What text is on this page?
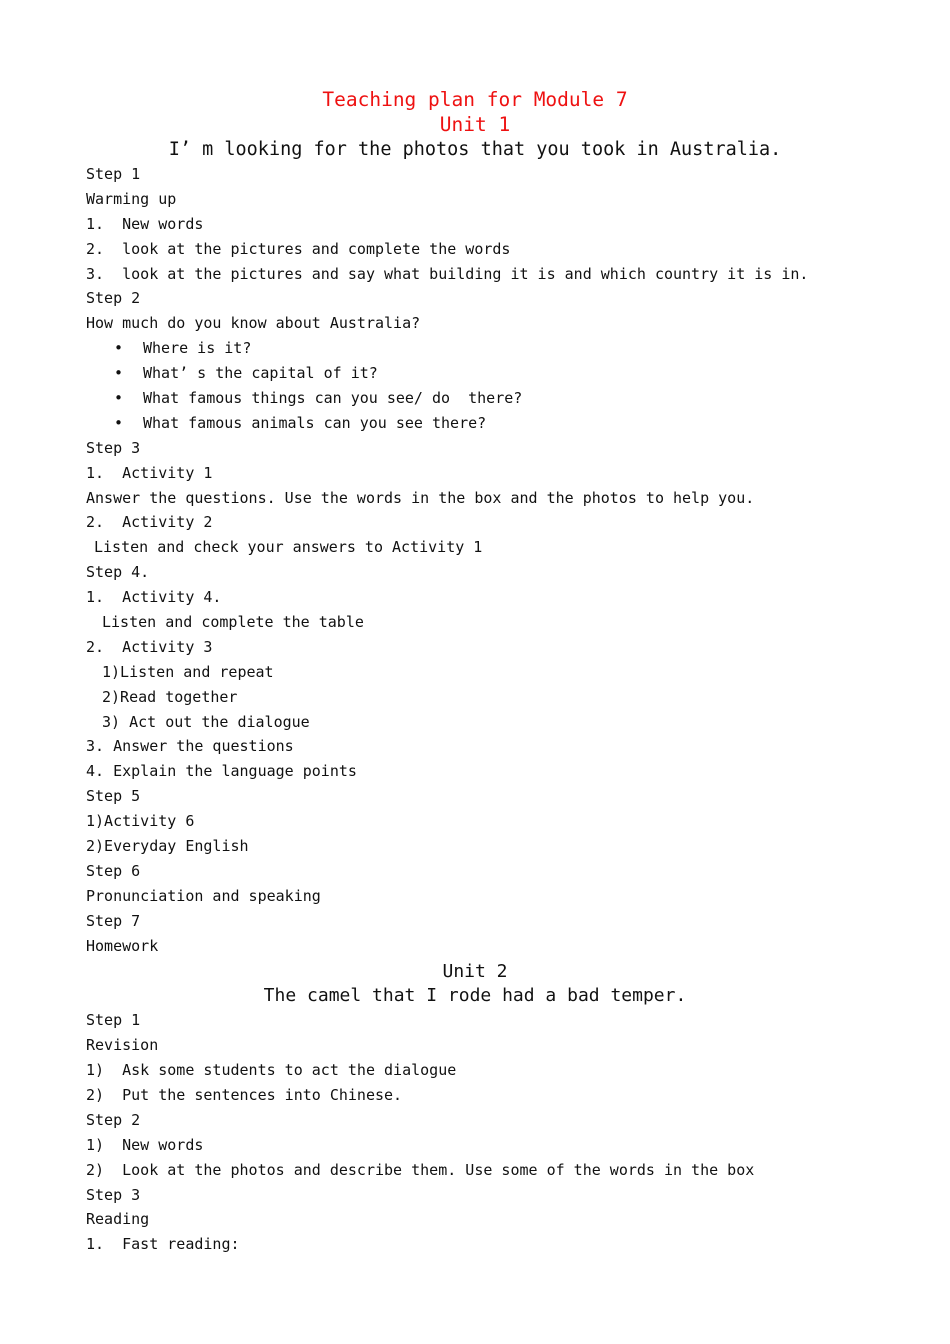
Teaching plan for Module 7
Unit 1
I’ m looking for the photos that you took in Australia.
Step 1
Warming up
1.  New words
2.  look at the pictures and complete the words
3.  look at the pictures and say what building it is and which country it is in.
Step 2
How much do you know about Australia?
• Where is it?
• What’ s the capital of it?
• What famous things can you see/ do  there?
• What famous animals can you see there?
Step 3
1.  Activity 1
Answer the questions. Use the words in the box and the photos to help you.
2.  Activity 2
Listen and check your answers to Activity 1
Step 4.
1.  Activity 4.
Listen and complete the table
2.  Activity 3
1)Listen and repeat
2)Read together
3) Act out the dialogue
3. Answer the questions
4. Explain the language points
Step 5
1)Activity 6
2)Everyday English
Step 6
Pronunciation and speaking
Step 7
Homework
Unit 2
The camel that I rode had a bad temper.
Step 1
Revision
1)  Ask some students to act the dialogue
2)  Put the sentences into Chinese.
Step 2
1)  New words
2)  Look at the photos and describe them. Use some of the words in the box
Step 3
Reading
1.  Fast reading:
